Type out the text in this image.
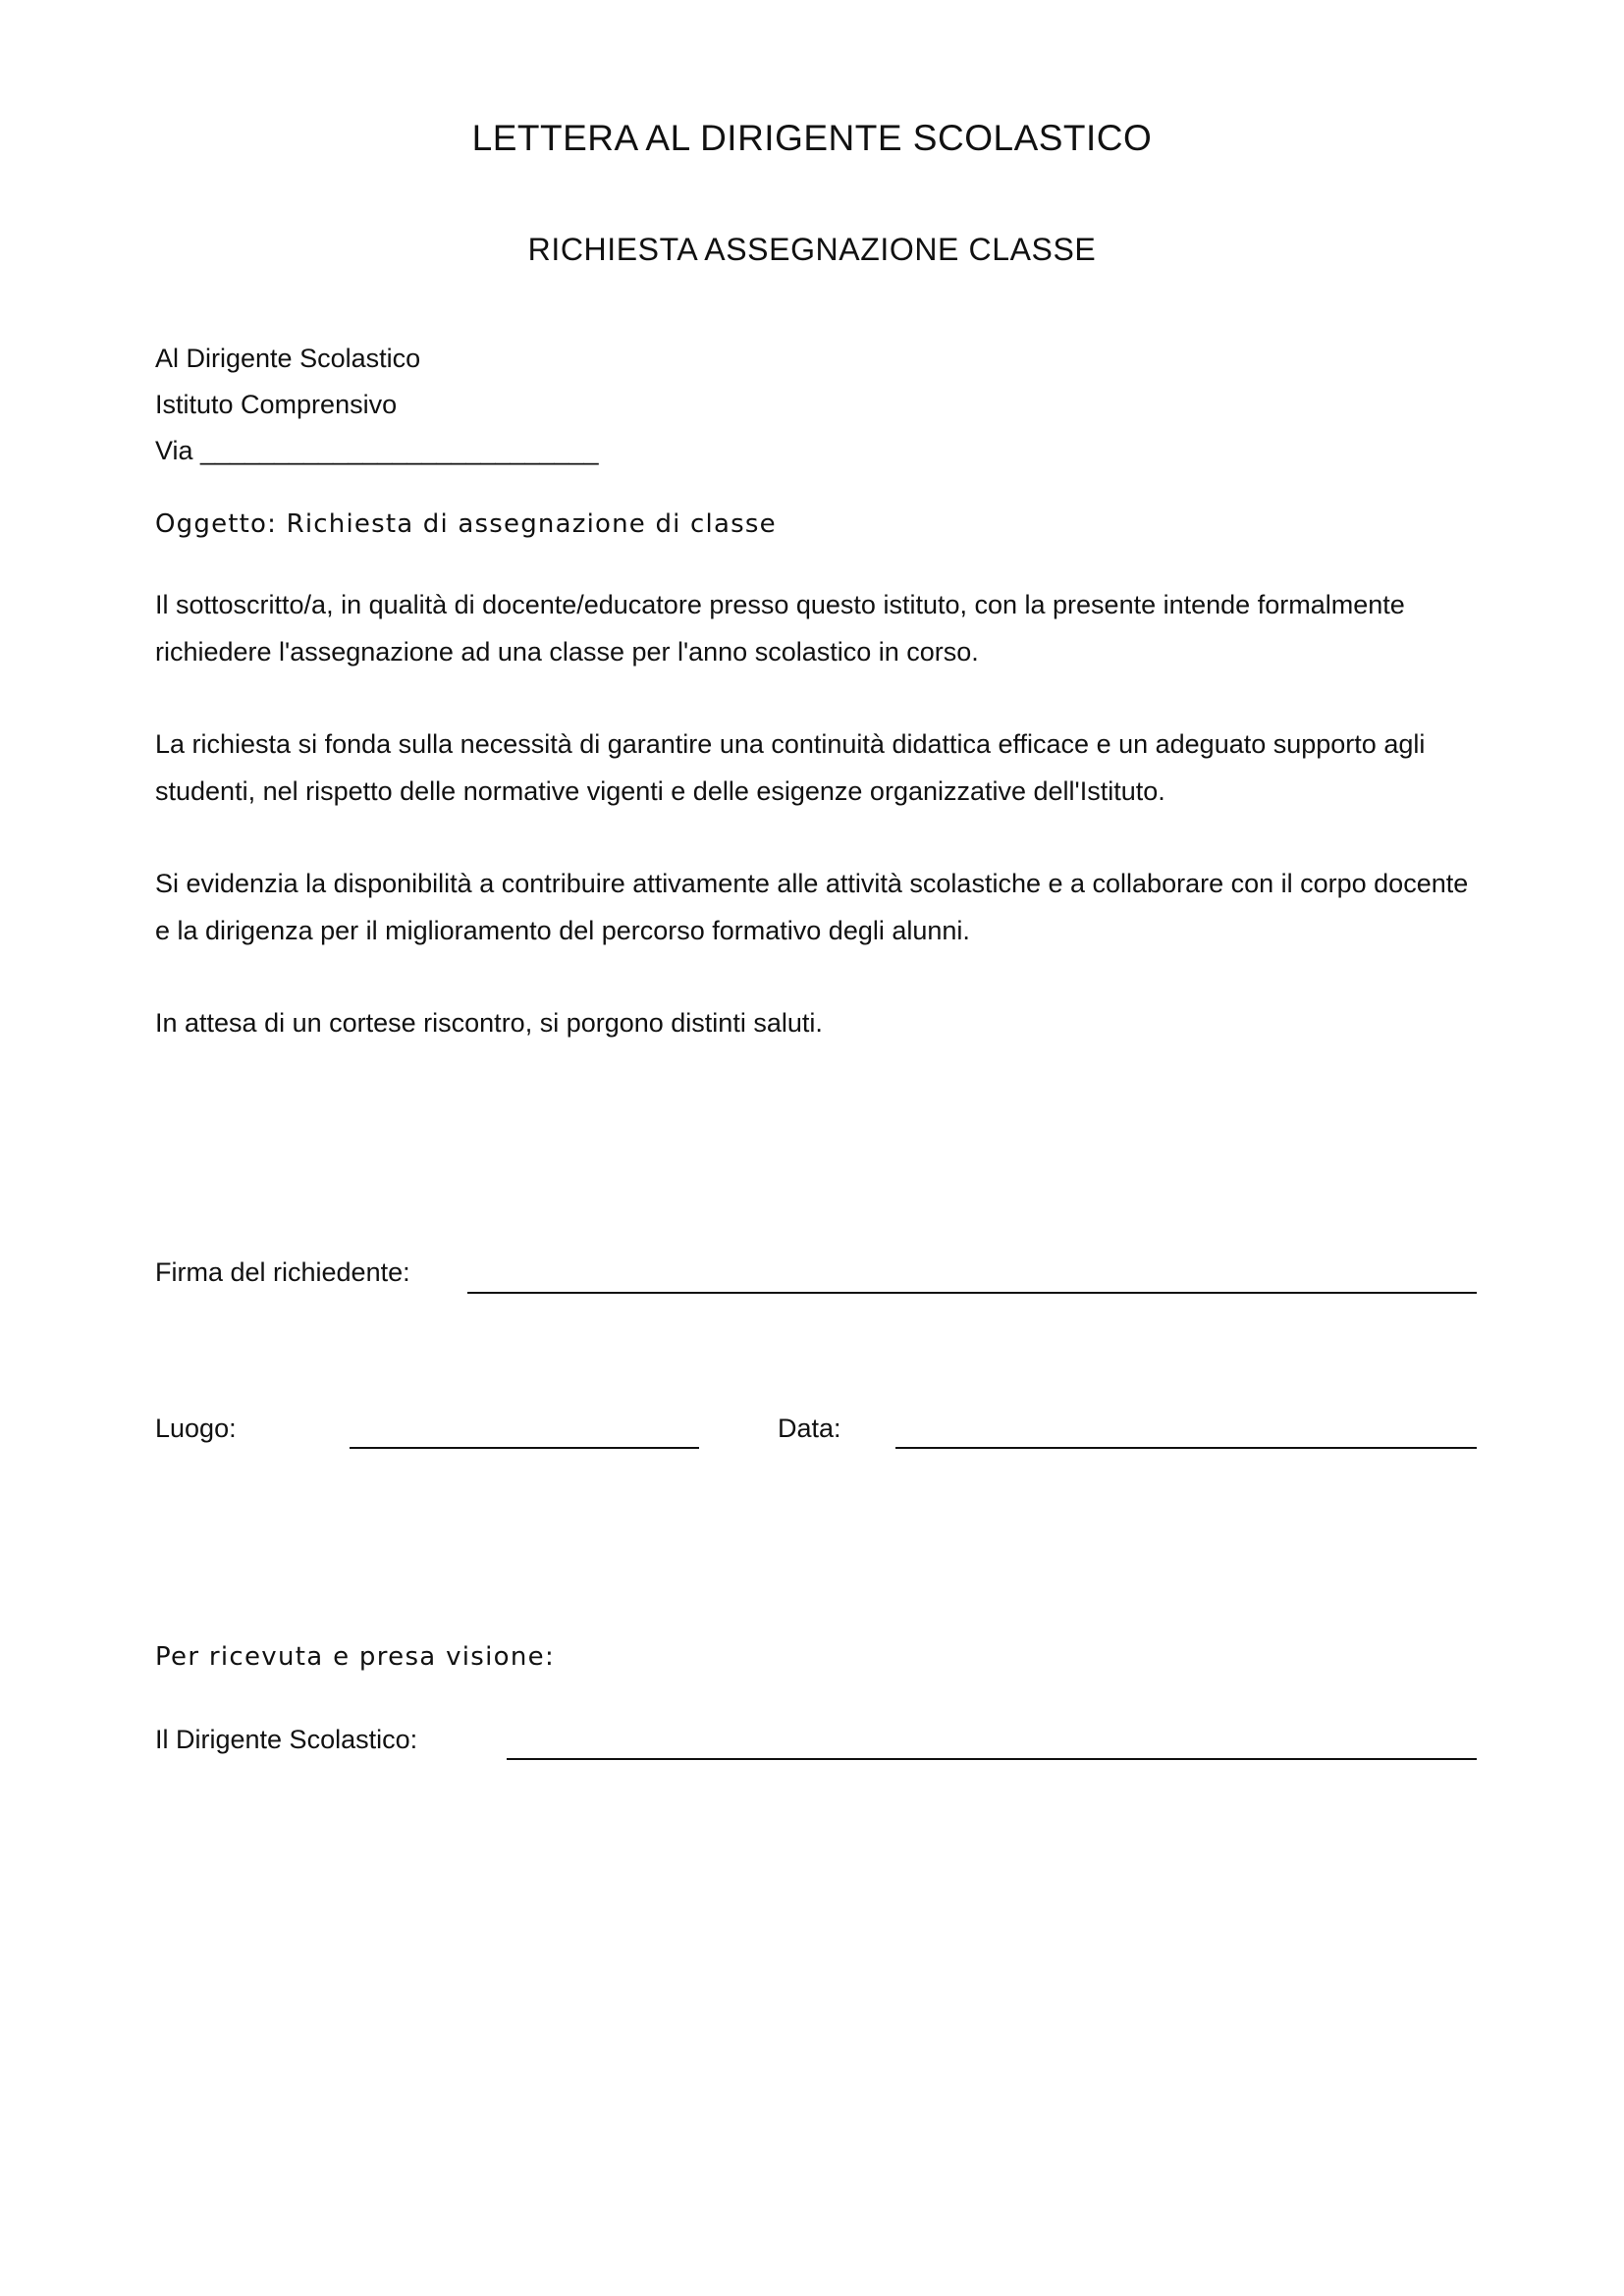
LETTERA AL DIRIGENTE SCOLASTICO
RICHIESTA ASSEGNAZIONE CLASSE
Al Dirigente Scolastico
Istituto Comprensivo
Via ___________________________
Oggetto: Richiesta di assegnazione di classe

Il sottoscritto/a, in qualità di docente/educatore presso questo istituto, con la presente intende formalmente richiedere l'assegnazione ad una classe per l'anno scolastico in corso.

La richiesta si fonda sulla necessità di garantire una continuità didattica efficace e un adeguato supporto agli studenti, nel rispetto delle normative vigenti e delle esigenze organizzative dell'Istituto.

Si evidenzia la disponibilità a contribuire attivamente alle attività scolastiche e a collaborare con il corpo docente e la dirigenza per il miglioramento del percorso formativo degli alunni.

In attesa di un cortese riscontro, si porgono distinti saluti.

Firma del richiedente:
Luogo:	Data:
Per ricevuta e presa visione:
Il Dirigente Scolastico:
